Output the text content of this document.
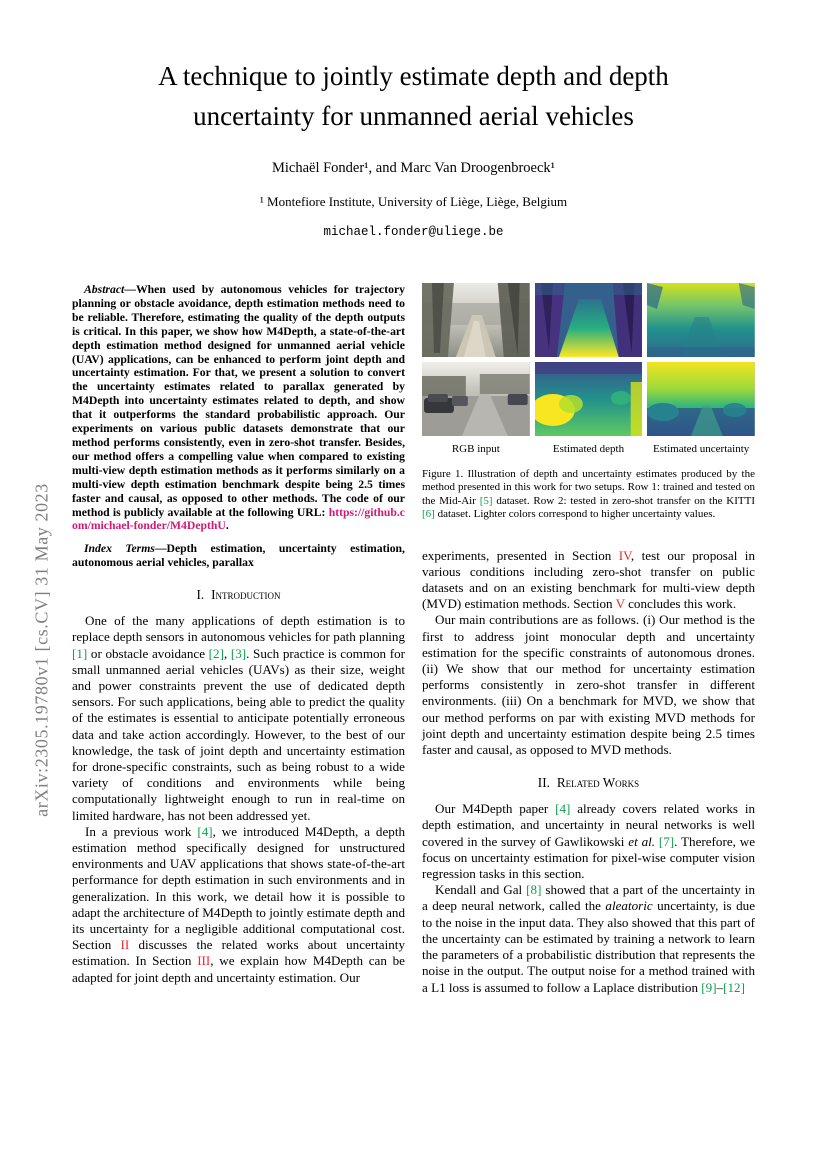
arXiv:2305.19780v1 [cs.CV] 31 May 2023
A technique to jointly estimate depth and depth
uncertainty for unmanned aerial vehicles
Michaël Fonder¹, and Marc Van Droogenbroeck¹
¹ Montefiore Institute, University of Liège, Liège, Belgium
michael.fonder@uliege.be

Abstract—When used by autonomous vehicles for trajectory planning or obstacle avoidance, depth estimation methods need to be reliable. Therefore, estimating the quality of the depth outputs is critical. In this paper, we show how M4Depth, a state-of-the-art depth estimation method designed for unmanned aerial vehicle (UAV) applications, can be enhanced to perform joint depth and uncertainty estimation. For that, we present a solution to convert the uncertainty estimates related to parallax generated by M4Depth into uncertainty estimates related to depth, and show that it outperforms the standard probabilistic approach. Our experiments on various public datasets demonstrate that our method performs consistently, even in zero-shot transfer. Besides, our method offers a compelling value when compared to existing multi-view depth estimation methods as it performs similarly on a multi-view depth estimation benchmark despite being 2.5 times faster and causal, as opposed to other methods. The code of our method is publicly available at the following URL: https://github.com/michael-fonder/M4DepthU.

Index Terms—Depth estimation, uncertainty estimation, autonomous aerial vehicles, parallax

I. Introduction

One of the many applications of depth estimation is to replace depth sensors in autonomous vehicles for path planning [1] or obstacle avoidance [2], [3]. Such practice is common for small unmanned aerial vehicles (UAVs) as their size, weight and power constraints prevent the use of dedicated depth sensors. For such applications, being able to predict the quality of the estimates is essential to anticipate potentially erroneous data and take action accordingly. However, to the best of our knowledge, the task of joint depth and uncertainty estimation for drone-specific constraints, such as being robust to a wide variety of conditions and environments while being computationally lightweight enough to run in real-time on limited hardware, has not been addressed yet.

In a previous work [4], we introduced M4Depth, a depth estimation method specifically designed for unstructured environments and UAV applications that shows state-of-the-art performance for depth estimation in such environments and in generalization. In this work, we detail how it is possible to adapt the architecture of M4Depth to jointly estimate depth and its uncertainty for a negligible additional computational cost. Section II discusses the related works about uncertainty estimation. In Section III, we explain how M4Depth can be adapted for joint depth and uncertainty estimation. Our

RGB input	Estimated depth	Estimated uncertainty
Figure 1. Illustration of depth and uncertainty estimates produced by the method presented in this work for two setups. Row 1: trained and tested on the Mid-Air [5] dataset. Row 2: tested in zero-shot transfer on the KITTI [6] dataset. Lighter colors correspond to higher uncertainty values.

experiments, presented in Section IV, test our proposal in various conditions including zero-shot transfer on public datasets and on an existing benchmark for multi-view depth (MVD) estimation methods. Section V concludes this work.

Our main contributions are as follows. (i) Our method is the first to address joint monocular depth and uncertainty estimation for the specific constraints of autonomous drones. (ii) We show that our method for uncertainty estimation performs consistently in zero-shot transfer in different environments. (iii) On a benchmark for MVD, we show that our method performs on par with existing MVD methods for joint depth and uncertainty estimation despite being 2.5 times faster and causal, as opposed to MVD methods.

II. Related Works

Our M4Depth paper [4] already covers related works in depth estimation, and uncertainty in neural networks is well covered in the survey of Gawlikowski et al. [7]. Therefore, we focus on uncertainty estimation for pixel-wise computer vision regression tasks in this section.

Kendall and Gal [8] showed that a part of the uncertainty in a deep neural network, called the aleatoric uncertainty, is due to the noise in the input data. They also showed that this part of the uncertainty can be estimated by training a network to learn the parameters of a probabilistic distribution that represents the noise in the output. The output noise for a method trained with a L1 loss is assumed to follow a Laplace distribution [9]–[12]
